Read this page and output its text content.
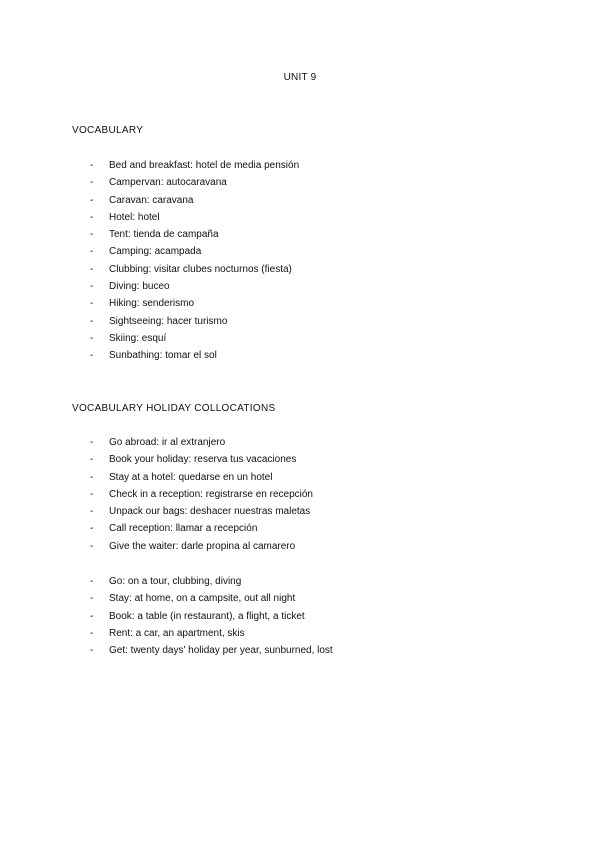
UNIT 9
VOCABULARY
- Bed and breakfast: hotel de media pensión
- Campervan: autocaravana
- Caravan: caravana
- Hotel: hotel
- Tent: tienda de campaña
- Camping: acampada
- Clubbing: visitar clubes nocturnos (fiesta)
- Diving: buceo
- Hiking: senderismo
- Sightseeing: hacer turismo
- Skiing: esquí
- Sunbathing: tomar el sol
VOCABULARY HOLIDAY COLLOCATIONS
- Go abroad: ir al extranjero
- Book your holiday: reserva tus vacaciones
- Stay at a hotel: quedarse en un hotel
- Check in a reception: registrarse en recepción
- Unpack our bags: deshacer nuestras maletas
- Call reception: llamar a recepción
- Give the waiter: darle propina al camarero
- Go: on a tour, clubbing, diving
- Stay: at home, on a campsite, out all night
- Book: a table (in restaurant), a flight, a ticket
- Rent: a car, an apartment, skis
- Get: twenty days' holiday per year, sunburned, lost
